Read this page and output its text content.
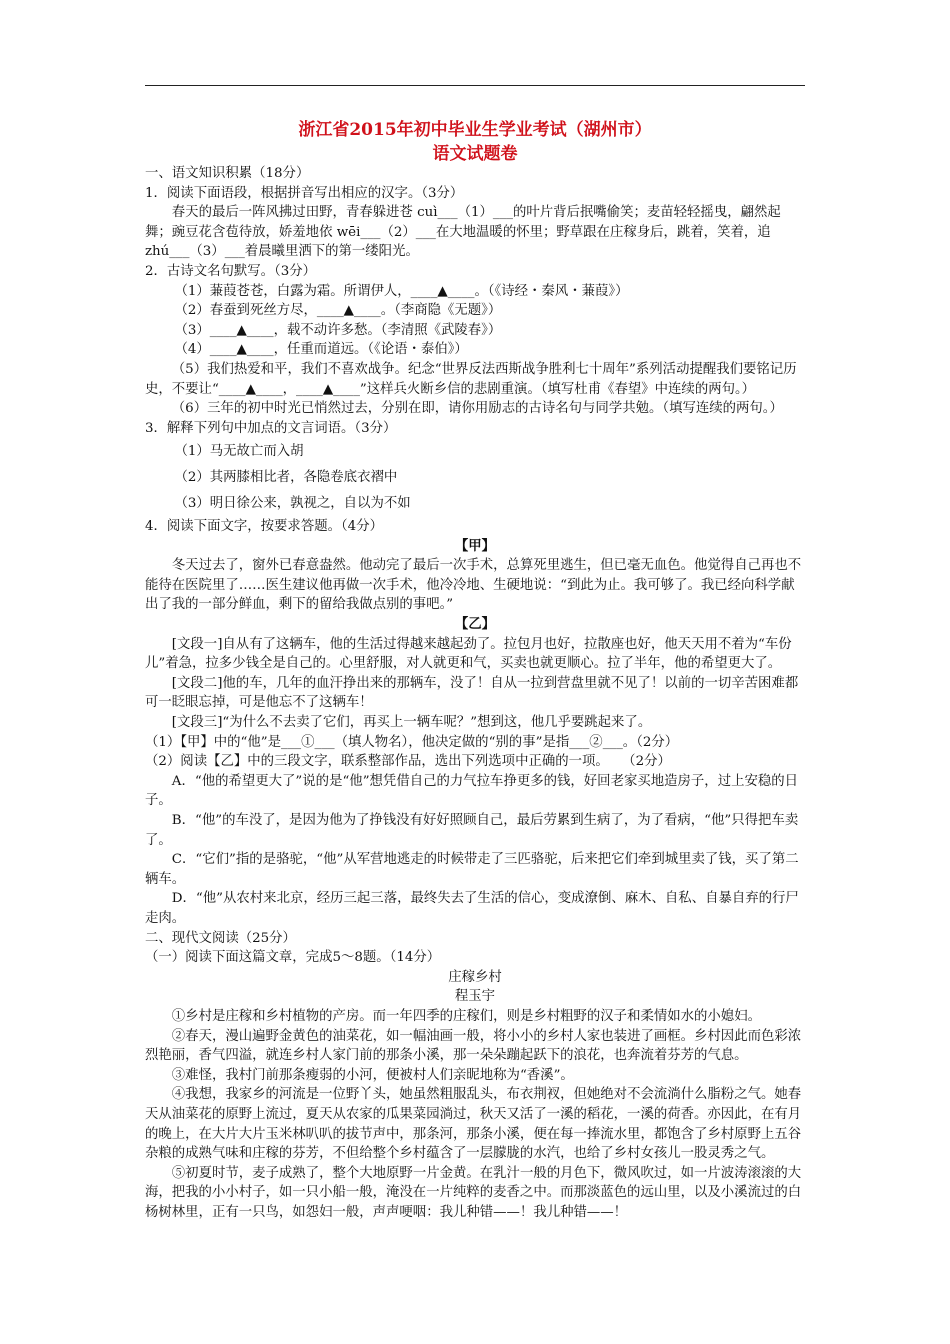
浙江省2015年初中毕业生学业考试（湖州市）
语文试题卷

一、语文知识积累（18分）

1．阅读下面语段，根据拼音写出相应的汉字。（3分）

春天的最后一阵风拂过田野，青春躲进苍 cuì___（1）___的叶片背后抿嘴偷笑；麦苗轻轻摇曳，翩然起舞；豌豆花含苞待放，娇羞地依 wēi___（2）___在大地温暖的怀里；野草跟在庄稼身后，跳着，笑着，追 zhú___（3）___着晨曦里洒下的第一缕阳光。

2．古诗文名句默写。（3分）

（1）蒹葭苍苍，白露为霜。所谓伊人，____▲____。（《诗经・秦风・蒹葭》）

（2）春蚕到死丝方尽，____▲____。（李商隐《无题》）

（3）____▲____，载不动许多愁。（李清照《武陵春》）

（4）____▲____，任重而道远。（《论语・泰伯》）

（5）我们热爱和平，我们不喜欢战争。纪念“世界反法西斯战争胜利七十周年”系列活动提醒我们要铭记历史，不要让“____▲____，____▲____”这样兵火断乡信的悲剧重演。（填写杜甫《春望》中连续的两句。）

（6）三年的初中时光已悄然过去，分别在即，请你用励志的古诗名句与同学共勉。（填写连续的两句。）

3．解释下列句中加点的文言词语。（3分）

（1）马无故亡而入胡

（2）其两膝相比者，各隐卷底衣褶中

（3）明日徐公来，孰视之，自以为不如

4．阅读下面文字，按要求答题。（4分）

【甲】

冬天过去了，窗外已春意盎然。他动完了最后一次手术，总算死里逃生，但已毫无血色。他觉得自己再也不能待在医院里了……医生建议他再做一次手术，他冷冷地、生硬地说：“到此为止。我可够了。我已经向科学献出了我的一部分鲜血，剩下的留给我做点别的事吧。”

【乙】

[文段一]自从有了这辆车，他的生活过得越来越起劲了。拉包月也好，拉散座也好，他天天用不着为“车份儿”着急，拉多少钱全是自己的。心里舒服，对人就更和气，买卖也就更顺心。拉了半年，他的希望更大了。

[文段二]他的车，几年的血汗挣出来的那辆车，没了！自从一拉到营盘里就不见了！以前的一切辛苦困难都可一眨眼忘掉，可是他忘不了这辆车！

[文段三]“为什么不去卖了它们，再买上一辆车呢？”想到这，他几乎要跳起来了。

（1）【甲】中的“他”是___①___（填人物名），他决定做的“别的事”是指___②___。（2分）

（2）阅读【乙】中的三段文字，联系整部作品，选出下列选项中正确的一项。　　（2分）

A．“他的希望更大了”说的是“他”想凭借自己的力气拉车挣更多的钱，好回老家买地造房子，过上安稳的日子。

B．“他”的车没了，是因为他为了挣钱没有好好照顾自己，最后劳累到生病了，为了看病，“他”只得把车卖了。

C．“它们”指的是骆驼，“他”从军营地逃走的时候带走了三匹骆驼，后来把它们牵到城里卖了钱，买了第二辆车。

D．“他”从农村来北京，经历三起三落，最终失去了生活的信心，变成潦倒、麻木、自私、自暴自弃的行尸走肉。

二、现代文阅读（25分）

（一）阅读下面这篇文章，完成5～8题。（14分）

庄稼乡村

程玉宇

①乡村是庄稼和乡村植物的产房。而一年四季的庄稼们，则是乡村粗野的汉子和柔情如水的小媳妇。

②春天，漫山遍野金黄色的油菜花，如一幅油画一般，将小小的乡村人家也装进了画框。乡村因此而色彩浓烈艳丽，香气四溢，就连乡村人家门前的那条小溪，那一朵朵蹦起跃下的浪花，也奔流着芬芳的气息。

③难怪，我村门前那条瘦弱的小河，便被村人们亲昵地称为“香溪”。

④我想，我家乡的河流是一位野丫头，她虽然粗服乱头，布衣荆衩，但她绝对不会流淌什么脂粉之气。她春天从油菜花的原野上流过，夏天从农家的瓜果菜园淌过，秋天又活了一溪的稻花，一溪的荷香。亦因此，在有月的晚上，在大片大片玉米林叭叭的拔节声中，那条河，那条小溪，便在每一捧流水里，都饱含了乡村原野上五谷杂粮的成熟气味和庄稼的芬芳，不但给整个乡村蕴含了一层朦胧的水汽，也给了乡村女孩儿一股灵秀之气。

⑤初夏时节，麦子成熟了，整个大地原野一片金黄。在乳汁一般的月色下，微风吹过，如一片波涛滚滚的大海，把我的小小村子，如一只小船一般，淹没在一片纯粹的麦香之中。而那淡蓝色的远山里，以及小溪流过的白杨树林里，正有一只鸟，如怨妇一般，声声哽咽：我儿种错——！我儿种错——！
